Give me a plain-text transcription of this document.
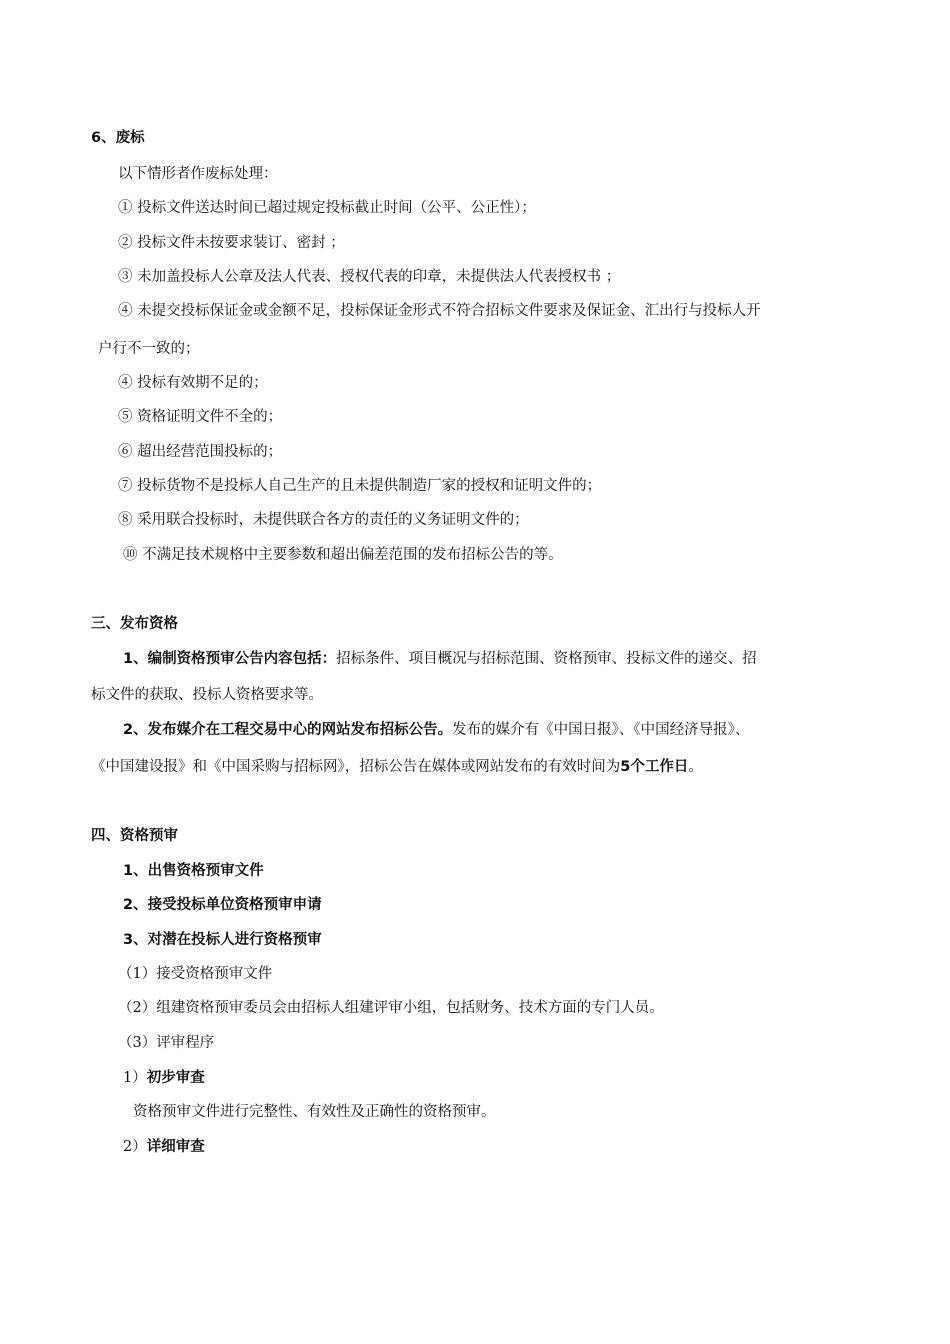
6、废标
以下情形者作废标处理：
① 投标文件送达时间已超过规定投标截止时间（公平、公正性）；
② 投标文件未按要求装订、密封 ；
③ 未加盖投标人公章及法人代表、授权代表的印章，未提供法人代表授权书 ；
④ 未提交投标保证金或金额不足，投标保证金形式不符合招标文件要求及保证金、汇出行与投标人开
户行不一致的；
④ 投标有效期不足的；
⑤ 资格证明文件不全的；
⑥ 超出经营范围投标的；
⑦ 投标货物不是投标人自己生产的且未提供制造厂家的授权和证明文件的；
⑧ 采用联合投标时，未提供联合各方的责任的义务证明文件的；
⑩ 不满足技术规格中主要参数和超出偏差范围的发布招标公告的等。
三、发布资格
1、编制资格预审公告内容包括：招标条件、项目概况与招标范围、资格预审、投标文件的递交、招
标文件的获取、投标人资格要求等。
2、发布媒介在工程交易中心的网站发布招标公告。发布的媒介有《中国日报》、《中国经济导报》、
《中国建设报》和《中国采购与招标网》，招标公告在媒体或网站发布的有效时间为5个工作日。
四、资格预审
1、出售资格预审文件
2、接受投标单位资格预审申请
3、对潜在投标人进行资格预审
（1）接受资格预审文件
（2）组建资格预审委员会由招标人组建评审小组，包括财务、技术方面的专门人员。
（3）评审程序
1）初步审查
资格预审文件进行完整性、有效性及正确性的资格预审。
2）详细审查
